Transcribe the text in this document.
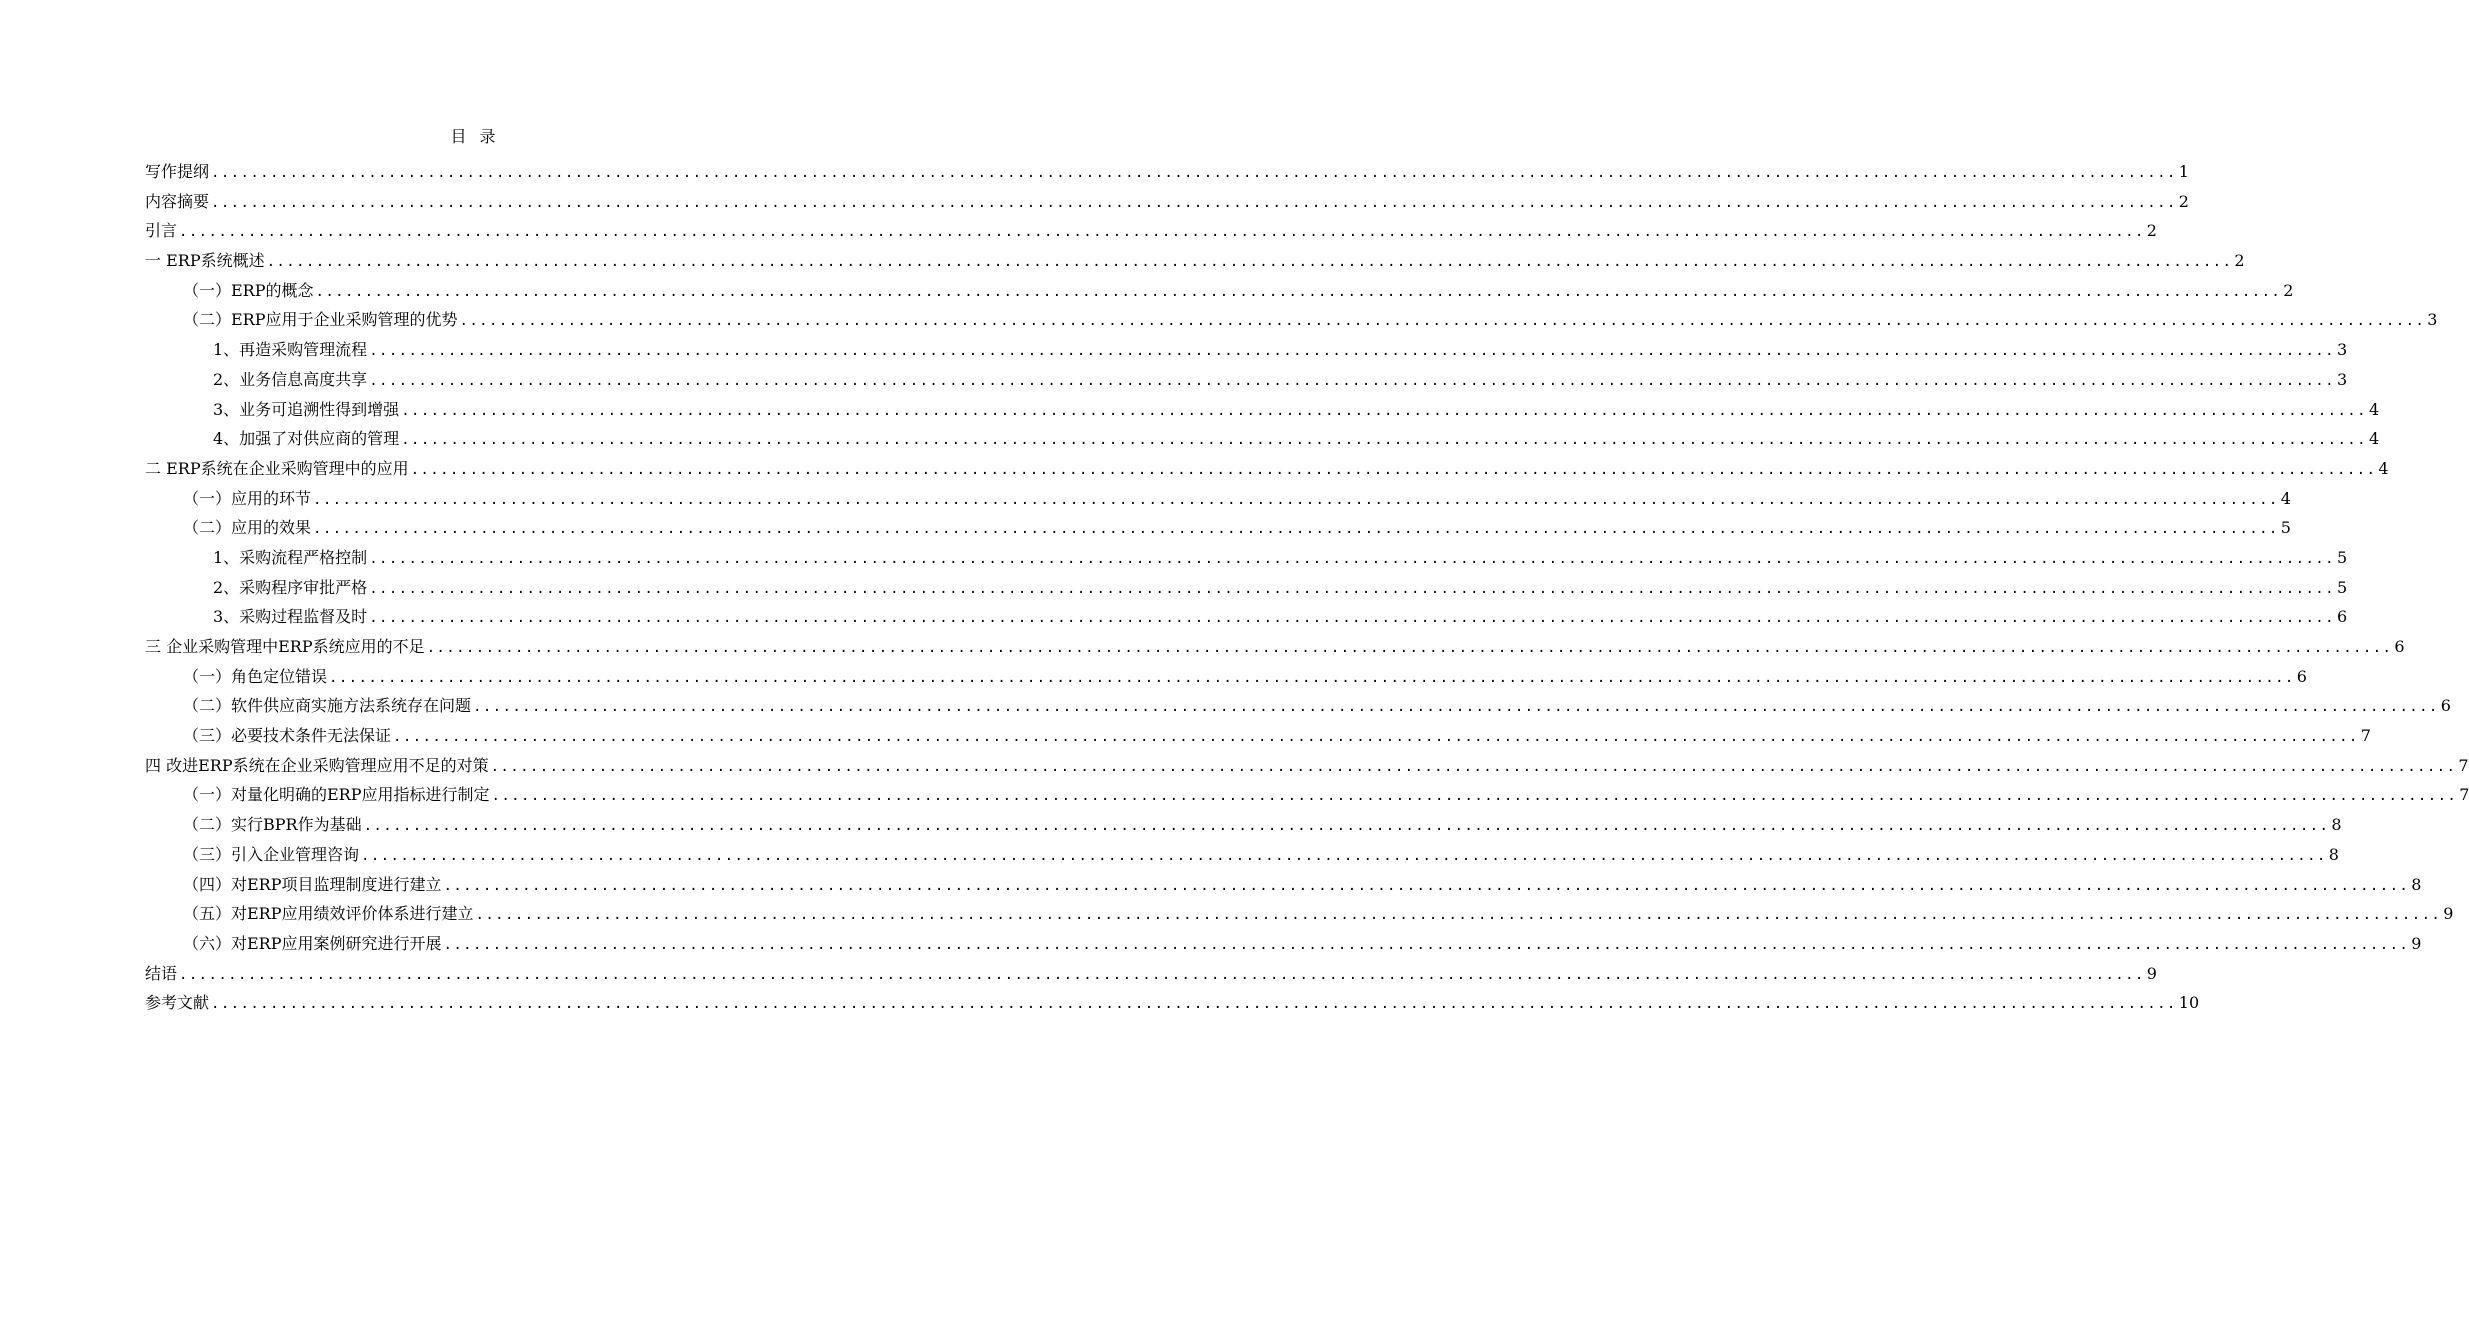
目 录
写作提纲 ........................................................................................................................................................................................................ 1
内容摘要 ........................................................................................................................................................................................................ 2
引言 ........................................................................................................................................................................................................ 2
一 ERP系统概述 ........................................................................................................................................................................................................ 2
（一）ERP的概念 ........................................................................................................................................................................................................ 2
（二）ERP应用于企业采购管理的优势 ........................................................................................................................................................................................................ 3
1、再造采购管理流程 ........................................................................................................................................................................................................ 3
2、业务信息高度共享 ........................................................................................................................................................................................................ 3
3、业务可追溯性得到增强 ........................................................................................................................................................................................................ 4
4、加强了对供应商的管理 ........................................................................................................................................................................................................ 4
二 ERP系统在企业采购管理中的应用 ........................................................................................................................................................................................................ 4
（一）应用的环节 ........................................................................................................................................................................................................ 4
（二）应用的效果 ........................................................................................................................................................................................................ 5
1、采购流程严格控制 ........................................................................................................................................................................................................ 5
2、采购程序审批严格 ........................................................................................................................................................................................................ 5
3、采购过程监督及时 ........................................................................................................................................................................................................ 6
三 企业采购管理中ERP系统应用的不足 ........................................................................................................................................................................................................ 6
（一）角色定位错误 ........................................................................................................................................................................................................ 6
（二）软件供应商实施方法系统存在问题 ........................................................................................................................................................................................................ 6
（三）必要技术条件无法保证 ........................................................................................................................................................................................................ 7
四 改进ERP系统在企业采购管理应用不足的对策 ........................................................................................................................................................................................................ 7
（一）对量化明确的ERP应用指标进行制定 ........................................................................................................................................................................................................ 7
（二）实行BPR作为基础 ........................................................................................................................................................................................................ 8
（三）引入企业管理咨询 ........................................................................................................................................................................................................ 8
（四）对ERP项目监理制度进行建立 ........................................................................................................................................................................................................ 8
（五）对ERP应用绩效评价体系进行建立 ........................................................................................................................................................................................................ 9
（六）对ERP应用案例研究进行开展 ........................................................................................................................................................................................................ 9
结语 ........................................................................................................................................................................................................ 9
参考文献 ........................................................................................................................................................................................................ 10
